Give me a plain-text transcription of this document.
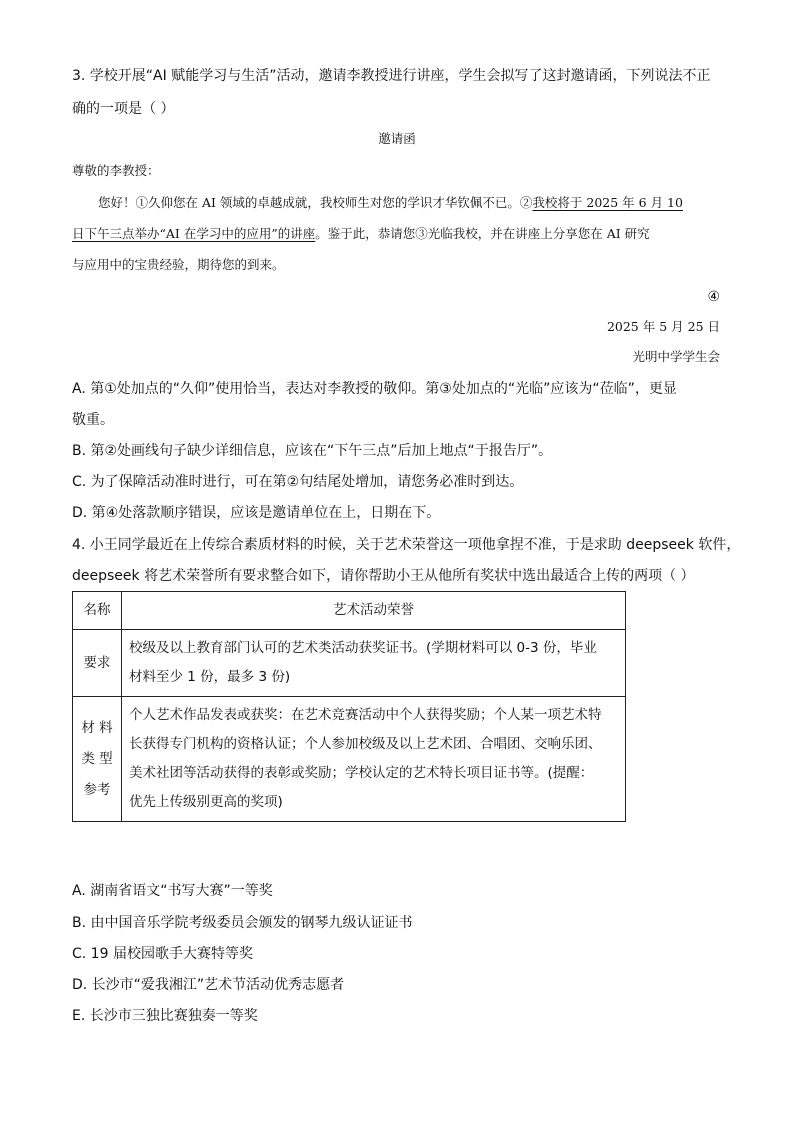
3. 学校开展“AI 赋能学习与生活”活动，邀请李教授进行讲座，学生会拟写了这封邀请函，下列说法不正
确的一项是（ ）
邀请函
尊敬的李教授：
您好！①久仰您在 AI 领域的卓越成就，我校师生对您的学识才华钦佩不已。②我校将于 2025 年 6 月 10
日下午三点举办“AI 在学习中的应用”的讲座。鉴于此，恭请您③光临我校，并在讲座上分享您在 AI 研究
与应用中的宝贵经验，期待您的到来。
④
2025 年 5 月 25 日
光明中学学生会
A. 第①处加点的“久仰”使用恰当，表达对李教授的敬仰。第③处加点的“光临”应该为“莅临”，更显
敬重。
B. 第②处画线句子缺少详细信息，应该在“下午三点”后加上地点“于报告厅”。
C. 为了保障活动准时进行，可在第②句结尾处增加，请您务必准时到达。
D. 第④处落款顺序错误，应该是邀请单位在上，日期在下。
4. 小王同学最近在上传综合素质材料的时候，关于艺术荣誉这一项他拿捏不准，于是求助 deepseek 软件，
deepseek 将艺术荣誉所有要求整合如下，请你帮助小王从他所有奖状中选出最适合上传的两项（ ）
名称	艺术活动荣誉
要求	校级及以上教育部门认可的艺术类活动获奖证书。(学期材料可以 0-3 份，毕业
材料至少 1 份，最多 3 份)

材 料 类 型 参考	个人艺术作品发表或获奖：在艺术竞赛活动中个人获得奖励；个人某一项艺术特
长获得专门机构的资格认证；个人参加校级及以上艺术团、合唱团、交响乐团、
美术社团等活动获得的表彰或奖励；学校认定的艺术特长项目证书等。(提醒：
优先上传级别更高的奖项)
A. 湖南省语文“书写大赛”一等奖
B. 由中国音乐学院考级委员会颁发的钢琴九级认证证书
C. 19 届校园歌手大赛特等奖
D. 长沙市“爱我湘江”艺术节活动优秀志愿者
E. 长沙市三独比赛独奏一等奖
